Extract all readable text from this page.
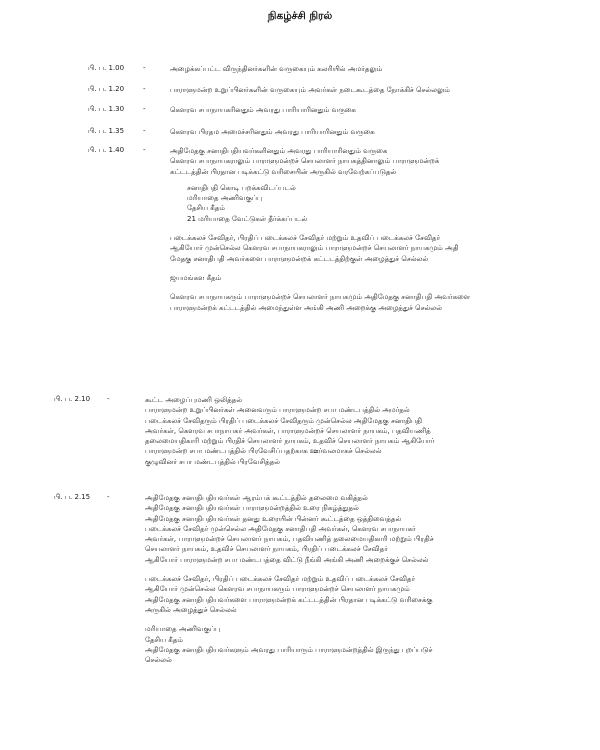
நிகழ்ச்சி நிரல்
பி. ப. 1.00	-	அழைக்கப்பட்ட விருந்தினர்களின் வருகையும் கலரியில் அமர்தலும்
பி. ப. 1.20	-	பாராளுமன்ற உறுப்பினர்களின் வருகையும் அவர்கள் நடைகூடத்தை நோக்கிச் செல்லலும்
பி. ப. 1.30	-	கௌரவ சபாநாயகரினதும் அவரது பாரியாரினதும் வருகை
பி. ப. 1.35	-	கௌரவ பிரதம அமைச்சரினதும் அவரது பாரியாரினதும் வருகை
பி. ப. 1.40	-	அதிமேதகு சனாதிபதியவர்களினதும் அவரது பாரியாரினதும் வருகை
கௌரவ சபாநாயகராலும் பாராளுமன்றச் செயலாளர் நாயகத்தினாலும் பாராளுமன்றக்
கட்டடத்தின் பிரதான படிக்கட்டு வரிசையின் அருகில் வரவேற்கப்படுதல்
சனாதிபதி கொடி பறக்கவிடப்படல்
மரியாதை அணிவகுப்பு
தேசிய கீதம்
21 மரியாதை வேட்டுகள் தீர்க்கப்படல்
படைக்கலச் சேவிதர், பிரதிப் படைக்கலச் சேவிதர் மற்றும் உதவிப் படைக்கலச் சேவிதர்
ஆகியோர் முன்செல்ல கௌரவ சபாநாயகராலும் பாராளுமன்றச் செயலாளர் நாயகமும் அதி
மேதகு சனாதிபதி அவர்களை பாராளுமன்றக் கட்டடத்திற்குள் அழைத்துச் செல்லல்
ஜயமங்கள கீதம்
கௌரவ சபாநாயகரும் பாராளுமன்றச் செயலாளர் நாயகமும் அதிமேதகு சனாதிபதி அவர்களை
பாராளுமன்றக் கட்டடத்தில் அமைந்துள்ள அங்கி அணி அறைக்கு அழைத்துச் செல்லல்
பி. ப. 2.10 -	கூட்ட அழைப்புமணி ஒலித்தல்
பாராளுமன்ற உறுப்பினர்கள் அனைவரும் பாராளுமன்ற சபா மண்டபத்தில் அமர்தல்
படைக்கலச் சேவிதரும் பிரதிப் படைக்கலச் சேவிதரும் முன்செல்ல அதிமேதகு சனாதிபதி
அவர்கள், கௌரவ சபாநாயகர் அவர்கள், பாராளுமன்றச் செயலாளர் நாயகம், பதவியணித்
தலைமையதிகாரி மற்றும் பிரதிச் செயலாளர் நாயகம், உதவிச் செயலாளர் நாயகம் ஆகியோர்
பாராளுமன்ற சபா மண்டபத்தில் பிரவேசிப்பதற்காக ஊர்வலமாகச் செல்லல்
குழுவினர் சபா மண்டபத்தில் பிரவேசித்தல்
பி. ப. 2.15 -	அதிமேதகு சனாதிபதியவர்கள் ஆரம்பக் கூட்டத்தில் தலைமை வகித்தல்
அதிமேதகு சனாதிபதியவர்கள் பாராளுமன்றத்தில் உரை நிகழ்த்துதல்
அதிமேதகு சனாதிபதியவர்கள் தனது உரையின் பின்னர் கூட்டத்தை ஒத்திவைத்தல்
படைக்கலச் சேவிதர் முன்செல்ல அதிமேதகு சனாதிபதி அவர்கள், கௌரவ சபாநாயகர்
அவர்கள், பாராளுமன்றச் செயலாளர் நாயகம், பதவியணித் தலைமையதிகாரி மற்றும் பிரதிச்
செயலாளர் நாயகம், உதவிச் செயலாளர் நாயகம், பிரதிப் படைக்கலச் சேவிதர்
ஆகியோர் பாராளுமன்ற சபா மண்டபத்தை விட்டு நீங்கி அங்கி அணி அறைக்குச் செல்லல்
படைக்கலச் சேவிதர், பிரதிப் படைக்கலச் சேவிதர் மற்றும் உதவிப் படைக்கலச் சேவிதர்
ஆகியோர் முன்செல்ல கௌரவ சபாநாயகரும் பாராளுமன்றச் செயலாளர் நாயகமும்
அதிமேதகு சனாதிபதியவர்களை பாராளுமன்றக் கட்டடத்தின் பிரதான படிக்கட்டு வரிசைக்கு
அருகில் அழைத்துச் செல்லல்
மரியாதை அணிவகுப்பு
தேசிய கீதம்
அதிமேதகு சனாதிபதியவர்களும் அவரது பாரியாரும் பாராளுமன்றத்தில் இருந்து புறப்படுச்
செல்லல்
